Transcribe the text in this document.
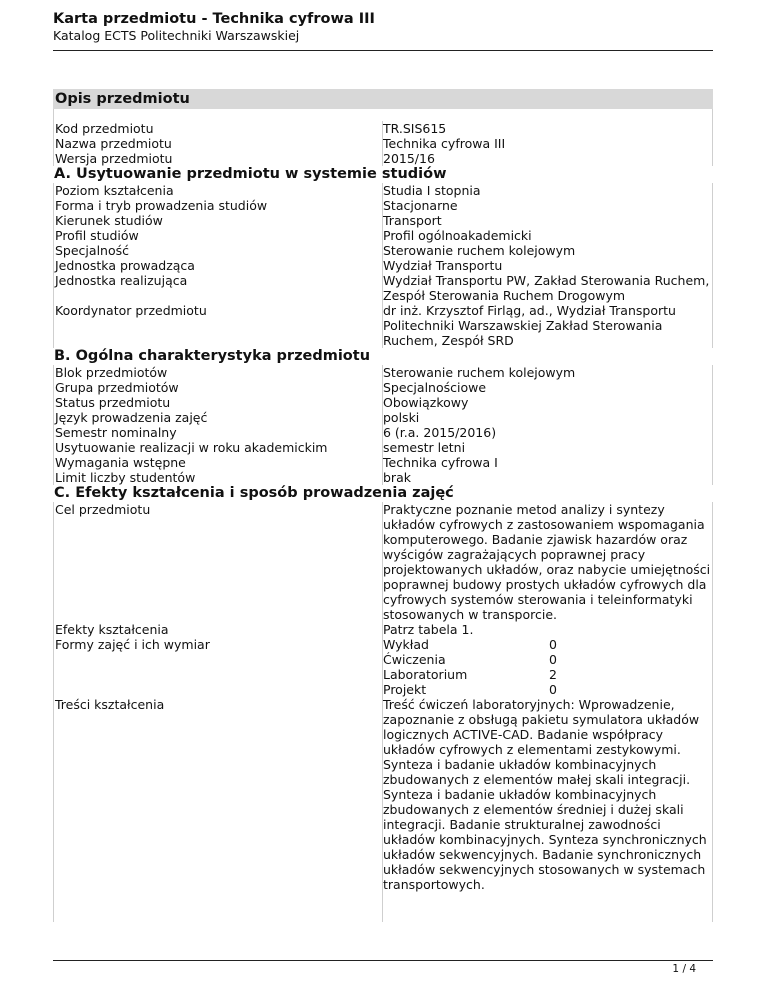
Karta przedmiotu - Technika cyfrowa III
Katalog ECTS Politechniki Warszawskiej
Opis przedmiotu
Kod przedmiotu	TR.SIS615
Nazwa przedmiotu	Technika cyfrowa III
Wersja przedmiotu	2015/16
A. Usytuowanie przedmiotu w systemie studiów
Poziom kształcenia	Studia I stopnia
Forma i tryb prowadzenia studiów	Stacjonarne
Kierunek studiów	Transport
Profil studiów	Profil ogólnoakademicki
Specjalność	Sterowanie ruchem kolejowym
Jednostka prowadząca	Wydział Transportu
Jednostka realizująca	Wydział Transportu PW, Zakład Sterowania Ruchem, Zespół Sterowania Ruchem Drogowym
Koordynator przedmiotu	dr inż. Krzysztof Firląg, ad., Wydział Transportu Politechniki Warszawskiej Zakład Sterowania Ruchem, Zespół SRD
B. Ogólna charakterystyka przedmiotu
Blok przedmiotów	Sterowanie ruchem kolejowym
Grupa przedmiotów	Specjalnościowe
Status przedmiotu	Obowiązkowy
Język prowadzenia zajęć	polski
Semestr nominalny	6 (r.a. 2015/2016)
Usytuowanie realizacji w roku akademickim	semestr letni
Wymagania wstępne	Technika cyfrowa I
Limit liczby studentów	brak
C. Efekty kształcenia i sposób prowadzenia zajęć
Cel przedmiotu	Praktyczne poznanie metod analizy i syntezy układów cyfrowych z zastosowaniem wspomagania komputerowego. Badanie zjawisk hazardów oraz wyścigów zagrażających poprawnej pracy projektowanych układów, oraz nabycie umiejętności poprawnej budowy prostych układów cyfrowych dla cyfrowych systemów sterowania i teleinformatyki stosowanych w transporcie.
Efekty kształcenia	Patrz tabela 1.
Formy zajęć i ich wymiar	Wykład	0
Ćwiczenia	0
Laboratorium	2
Projekt	0
Treści kształcenia	Treść ćwiczeń laboratoryjnych: Wprowadzenie, zapoznanie z obsługą pakietu symulatora układów logicznych ACTIVE-CAD. Badanie współpracy układów cyfrowych z elementami zestykowymi. Synteza i badanie układów kombinacyjnych zbudowanych z elementów małej skali integracji. Synteza i badanie układów kombinacyjnych zbudowanych z elementów średniej i dużej skali integracji. Badanie strukturalnej zawodności układów kombinacyjnych. Synteza synchronicznych układów sekwencyjnych. Badanie synchronicznych układów sekwencyjnych stosowanych w systemach transportowych.
1 / 4
